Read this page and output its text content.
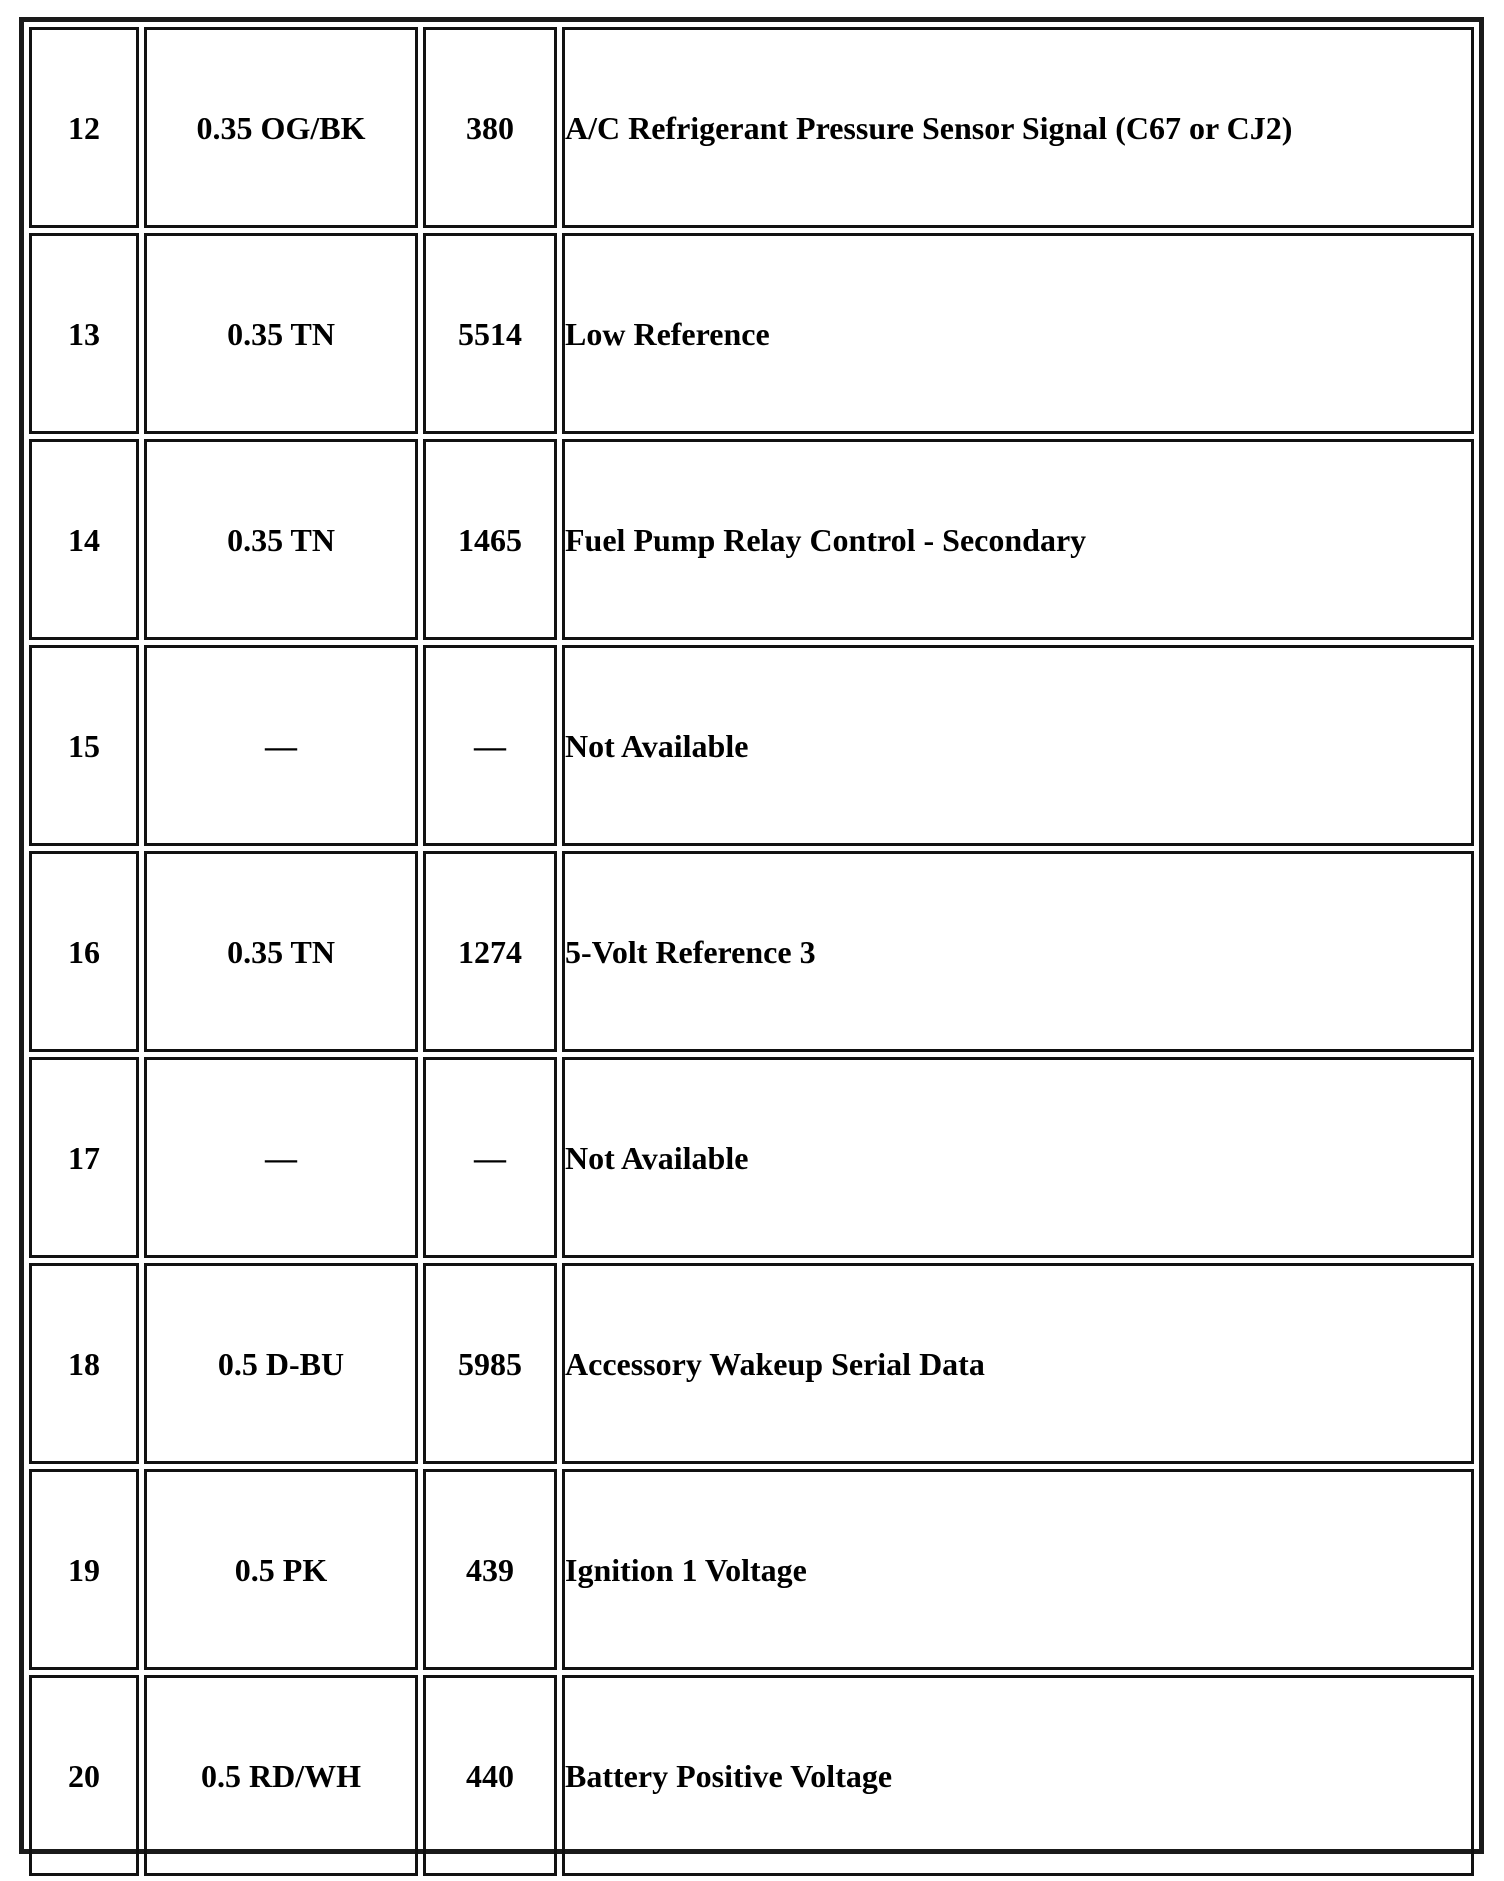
12	0.35 OG/BK	380	A/C Refrigerant Pressure Sensor Signal (C67 or CJ2)
13	0.35 TN	5514	Low Reference
14	0.35 TN	1465	Fuel Pump Relay Control - Secondary
15	—	—	Not Available
16	0.35 TN	1274	5-Volt Reference 3
17	—	—	Not Available
18	0.5 D-BU	5985	Accessory Wakeup Serial Data
19	0.5 PK	439	Ignition 1 Voltage
20	0.5 RD/WH	440	Battery Positive Voltage
